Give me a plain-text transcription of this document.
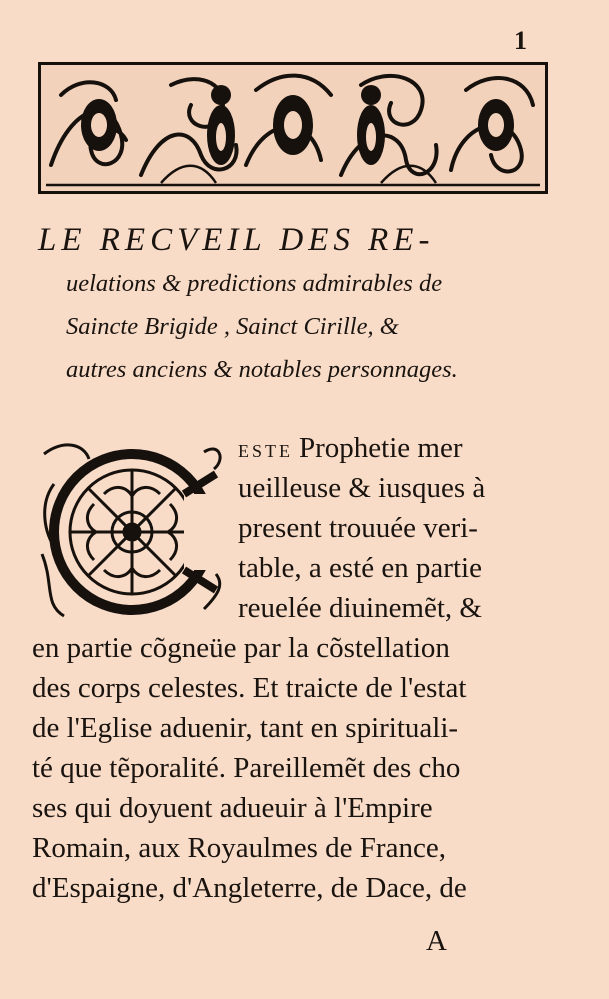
1
LE RECVEIL DES RE-
uelations & predictions admirables de
Saincte Brigide , Sainct Cirille, &
autres anciens & notables personnages.
ESTE Prophetie mer
ueilleuse & iusques à
present trouuée veri-
table, a esté en partie
reuelée diuinemẽt, &
en partie cõgneüe par la cõstellation
des corps celestes. Et traicte de l'estat
de l'Eglise aduenir, tant en spirituali-
té que tẽporalité. Pareillemẽt des cho
ses qui doyuent adueuir à l'Empire
Romain, aux Royaulmes de France,
d'Espaigne, d'Angleterre, de Dace, de
A
